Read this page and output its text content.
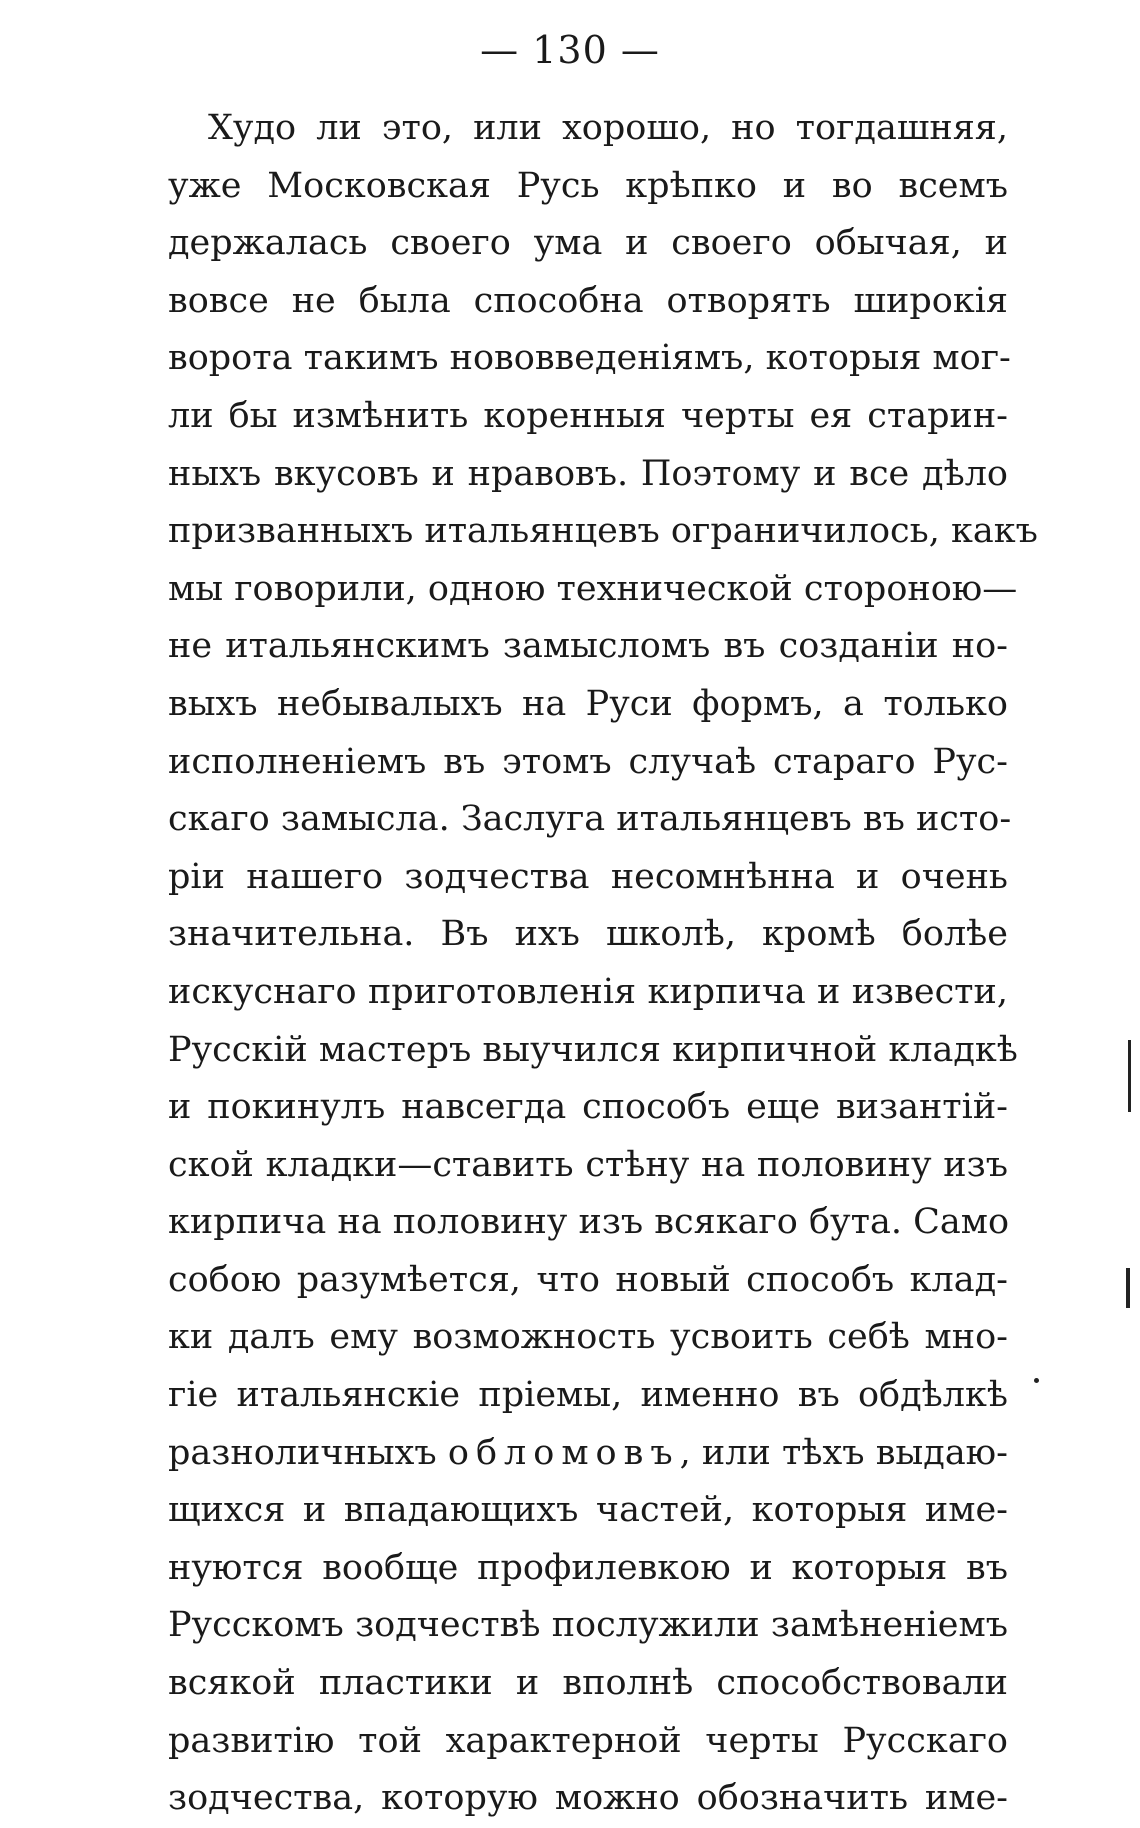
— 130 —
Худо ли это, или хорошо, но тогдашняя,
уже Московская Русь крѣпко и во всемъ
держалась своего ума и своего обычая, и
вовсе не была способна отворять широкія
ворота такимъ нововведеніямъ, которыя мог-
ли бы измѣнить коренныя черты ея старин-
ныхъ вкусовъ и нравовъ. Поэтому и все дѣло
призванныхъ итальянцевъ ограничилось, какъ
мы говорили, одною технической стороною—
не итальянскимъ замысломъ въ созданіи но-
выхъ небывалыхъ на Руси формъ, а только
исполненіемъ въ этомъ случаѣ стараго Рус-
скаго замысла. Заслуга итальянцевъ въ исто-
ріи нашего зодчества несомнѣнна и очень
значительна. Въ ихъ школѣ, кромѣ болѣе
искуснаго приготовленія кирпича и извести,
Русскій мастеръ выучился кирпичной кладкѣ
и покинулъ навсегда способъ еще византій-
ской кладки—ставить стѣну на половину изъ
кирпича на половину изъ всякаго бута. Само
собою разумѣется, что новый способъ клад-
ки далъ ему возможность усвоить себѣ мно-
гіе итальянскіе пріемы, именно въ обдѣлкѣ
разноличныхъ обломовъ, или тѣхъ выдаю-
щихся и впадающихъ частей, которыя име-
нуются вообще профилевкою и которыя въ
Русскомъ зодчествѣ послужили замѣненіемъ
всякой пластики и вполнѣ способствовали
развитію той характерной черты Русскаго
зодчества, которую можно обозначить име-
